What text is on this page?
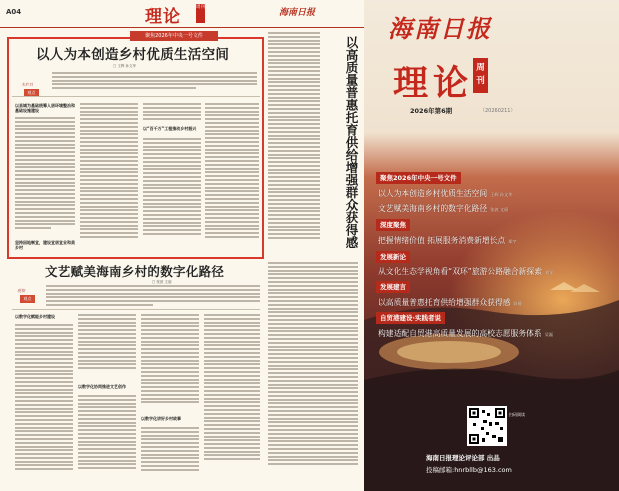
A04	理论	周刊
海南日报
聚焦2026年中央一号文件
以人为本创造乡村优质生活空间
□ 王辉 孙文华
本栏目
观点
以县域为基础统筹人居环境整治和基础设施建设
坚持因地制宜，建设宜居宜业和美乡村
以“百千万”工程推动乡村振兴	以高质量普惠托育供给增强群众获得感
文艺赋美海南乡村的数字化路径
□ 张波 文丽
观察
观点
以数字化赋能乡村建设
以数字化协同推进文艺创作
以数字化讲好乡村故事
海南日报
理论 周刊
2026年第6期	（20260211）
聚焦2026年中央一号文件
以人为本创造乡村优质生活空间 王辉 孙文华
文艺赋美海南乡村的数字化路径 张波 文丽
深度聚焦
把握情绪价值 拓展服务消费新增长点 郑宇
发展新论
从文化生态学视角看“双环”旅游公路融合新探索 刘军
发展建言
以高质量普惠托育供给增强群众获得感 陈静
自贸港建设·实践者说
构建适配自贸港高质量发展的高校志愿服务体系 吴磊
扫码阅读
海南日报理论评论部 出品
投稿邮箱:hnrbllb@163.com
